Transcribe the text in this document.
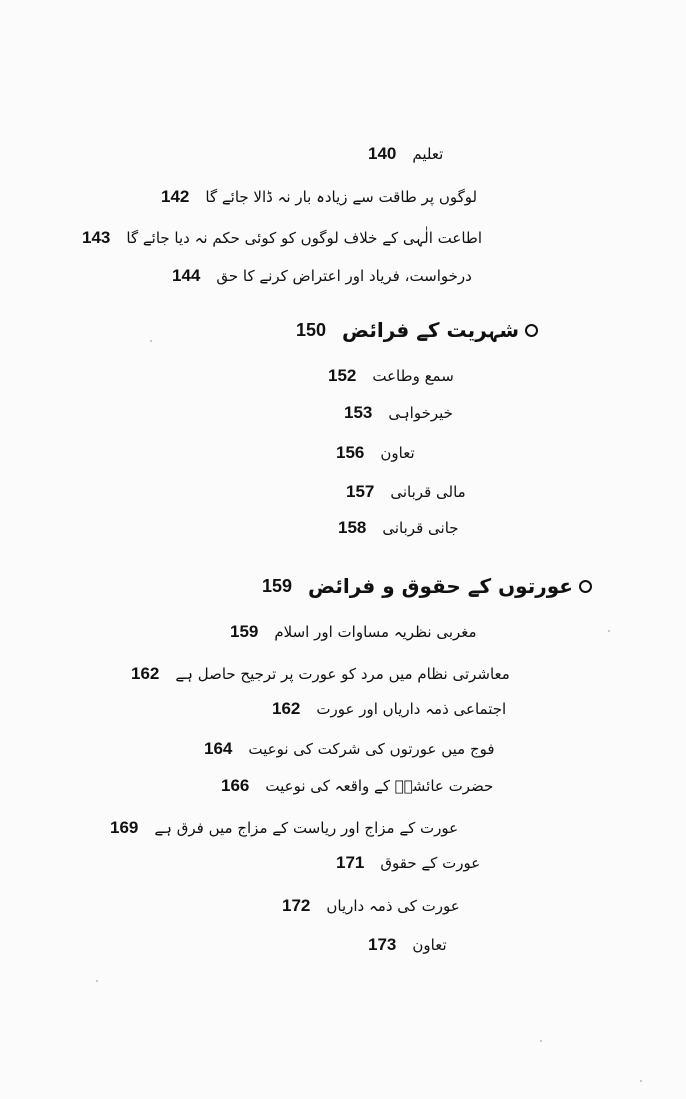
140 تعلیم
142 لوگوں پر طاقت سے زیادہ بار نہ ڈالا جائے گا
143 اطاعت الٰہی کے خلاف لوگوں کو کوئی حکم نہ دیا جائے گا
144 درخواست، فریاد اور اعتراض کرنے کا حق
150 شہریت کے فرائض
152 سمع وطاعت
153 خیرخواہی
156 تعاون
157 مالی قربانی
158 جانی قربانی
159 عورتوں کے حقوق و فرائض
159 مغربی نظریہ مساوات اور اسلام
162 معاشرتی نظام میں مرد کو عورت پر ترجیح حاصل ہے
162 اجتماعی ذمہ داریاں اور عورت
164 فوج میں عورتوں کی شرکت کی نوعیت
166 حضرت عائشہؓ کے واقعہ کی نوعیت
169 عورت کے مزاج اور ریاست کے مزاج میں فرق ہے
171 عورت کے حقوق
172 عورت کی ذمہ داریاں
173 تعاون
